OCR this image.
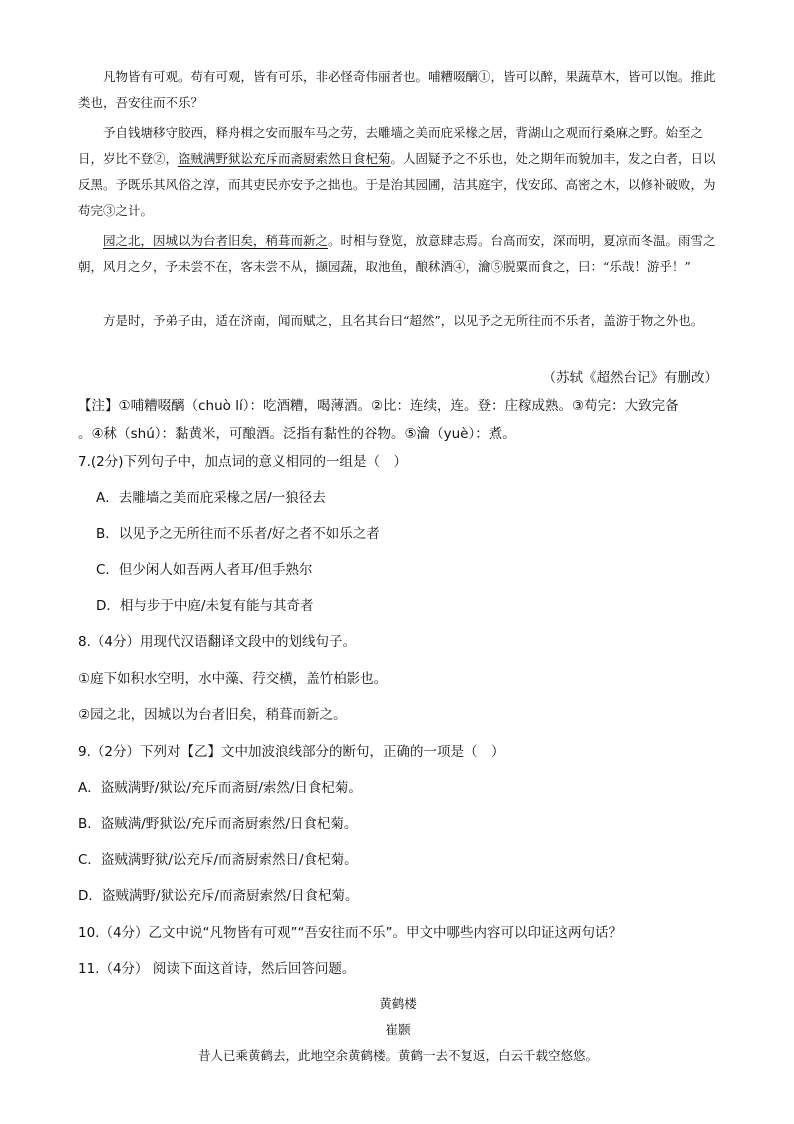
凡物皆有可观。苟有可观，皆有可乐，非必怪奇伟丽者也。哺糟啜醨①，皆可以醉，果蔬草木，皆可以饱。推此类也，吾安往而不乐？
予自钱塘移守胶西，释舟楫之安而服车马之劳，去雕墙之美而庇采椽之居，背湖山之观而行桑麻之野。始至之日，岁比不登②，盗贼满野狱讼充斥而斋厨索然日食杞菊。人固疑予之不乐也，处之期年而貌加丰，发之白者，日以反黑。予既乐其风俗之淳，而其吏民亦安予之拙也。于是治其园圃，洁其庭宇，伐安邱、高密之木，以修补破败，为苟完③之计。
园之北，因城以为台者旧矣，稍葺而新之。时相与登览，放意肆志焉。台高而安，深而明，夏凉而冬温。雨雪之朝，风月之夕，予未尝不在，客未尝不从，撷园蔬，取池鱼，酿秫酒④，瀹⑤脱粟而食之，曰：“乐哉！游乎！”
方是时，予弟子由，适在济南，闻而赋之，且名其台曰“超然”，以见予之无所往而不乐者，盖游于物之外也。
（苏轼《超然台记》有删改）
【注】①哺糟啜醨（chuò lí）：吃酒糟，喝薄酒。②比：连续，连。登：庄稼成熟。③苟完：大致完备
。④秫（shú）：黏黄米，可酿酒。泛指有黏性的谷物。⑤瀹（yuè）：煮。
7.(2分)下列句子中，加点词的意义相同的一组是（　）
A．去雕墙之美而庇采椽之居/一狼径去
B．以见予之无所往而不乐者/好之者不如乐之者
C．但少闲人如吾两人者耳/但手熟尔
D．相与步于中庭/未复有能与其奇者
8.（4分）用现代汉语翻译文段中的划线句子。
①庭下如积水空明，水中藻、荇交横，盖竹柏影也。
②园之北，因城以为台者旧矣，稍葺而新之。
9.（2分）下列对【乙】文中加波浪线部分的断句，正确的一项是（　）
A．盗贼满野/狱讼/充斥而斋厨/索然/日食杞菊。
B．盗贼满/野狱讼/充斥而斋厨索然/日食杞菊。
C．盗贼满野狱/讼充斥/而斋厨索然日/食杞菊。
D．盗贼满野/狱讼充斥/而斋厨索然/日食杞菊。
10.（4分）乙文中说“凡物皆有可观”“吾安往而不乐”。甲文中哪些内容可以印证这两句话？
11.（4分） 阅读下面这首诗，然后回答问题。
黄鹤楼
崔颢
昔人已乘黄鹤去，此地空余黄鹤楼。黄鹤一去不复返，白云千载空悠悠。
